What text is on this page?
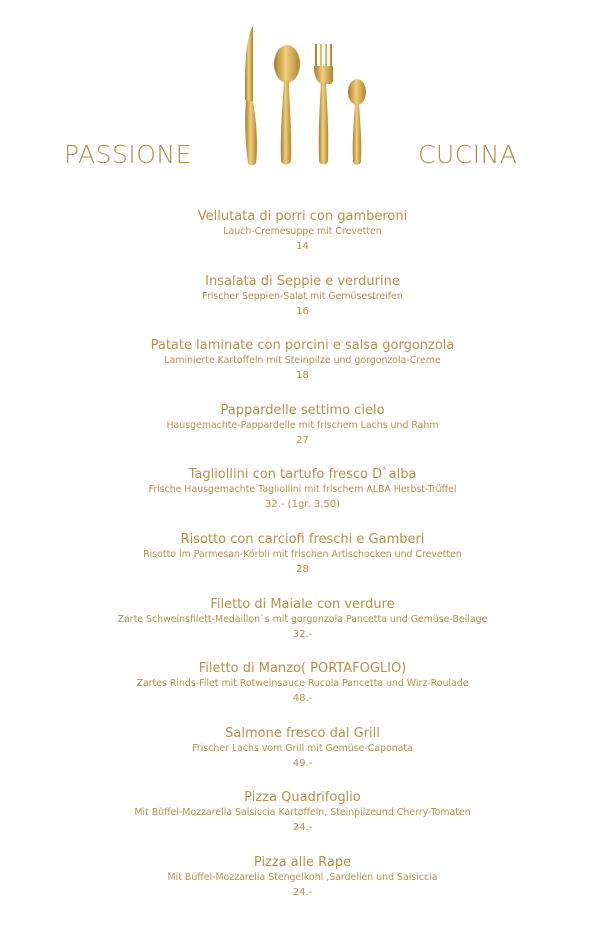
PASSIONE	CUCINA
Vellutata di porri con gamberoni
Lauch-Cremesuppe mit Crevetten
14
Insalata di Seppie e verdurine
Frischer Seppien-Salat mit Gemüsestreifen
16
Patate laminate con porcini e salsa gorgonzola
Laminierte Kartoffeln mit Steinpilze und gorgonzola-Creme
18
Pappardelle settimo cielo
Hausgemachte-Pappardelle mit frischem Lachs und Rahm
27
Tagliollini con tartufo fresco D`alba
Frische Hausgemachte Tagliollini mit frischem ALBA Herbst-Trüffel
32.- (1gr. 3.50)
Risotto con carciofi freschi e Gamberi
Risotto im Parmesan-Körbli mit frischen Artischocken und Crevetten
28
Filetto di Maiale con verdure
Zarte Schweinsfilett-Medaillon`s mit gorgonzola Pancetta und Gemüse-Beilage
32.-
Filetto di Manzo( PORTAFOGLIO)
Zartes Rinds-Filet mit Rotweinsauce Rucola Pancetta und Wirz-Roulade
48.-
Salmone fresco dal Grill
Frischer Lachs vom Grill mit Gemüse-Caponata
49.-
Pizza Quadrifoglio
Mit Büffel-Mozzarella Salsiccia Kartoffeln, Steinpilzeund Cherry-Tomaten
24.-
Pizza alle Rape
Mit Büffel-Mozzarella Stengelkohl ,Sardellen und Salsiccia
24.-
